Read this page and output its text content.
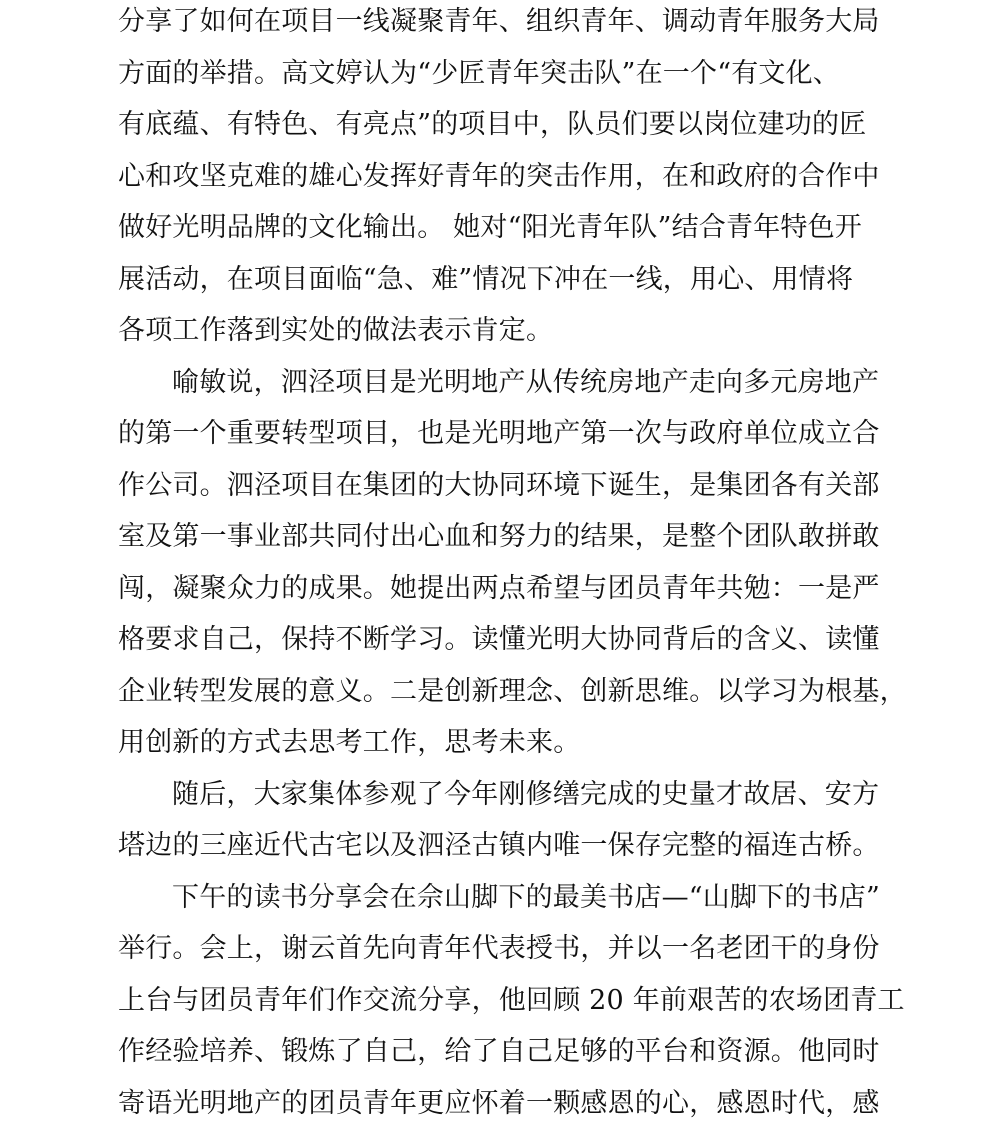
分享了如何在项目一线凝聚青年、组织青年、调动青年服务大局
方面的举措。高文婷认为“少匠青年突击队”在一个“有文化、
有底蕴、有特色、有亮点”的项目中，队员们要以岗位建功的匠
心和攻坚克难的雄心发挥好青年的突击作用，在和政府的合作中
做好光明品牌的文化输出。 她对“阳光青年队”结合青年特色开
展活动，在项目面临“急、难”情况下冲在一线，用心、用情将
各项工作落到实处的做法表示肯定。
喻敏说，泗泾项目是光明地产从传统房地产走向多元房地产
的第一个重要转型项目，也是光明地产第一次与政府单位成立合
作公司。泗泾项目在集团的大协同环境下诞生，是集团各有关部
室及第一事业部共同付出心血和努力的结果，是整个团队敢拼敢
闯，凝聚众力的成果。她提出两点希望与团员青年共勉：一是严
格要求自己，保持不断学习。读懂光明大协同背后的含义、读懂
企业转型发展的意义。二是创新理念、创新思维。以学习为根基，
用创新的方式去思考工作，思考未来。
随后，大家集体参观了今年刚修缮完成的史量才故居、安方
塔边的三座近代古宅以及泗泾古镇内唯一保存完整的福连古桥。
下午的读书分享会在佘山脚下的最美书店—“山脚下的书店”
举行。会上，谢云首先向青年代表授书，并以一名老团干的身份
上台与团员青年们作交流分享，他回顾 20 年前艰苦的农场团青工
作经验培养、锻炼了自己，给了自己足够的平台和资源。他同时
寄语光明地产的团员青年更应怀着一颗感恩的心，感恩时代，感
